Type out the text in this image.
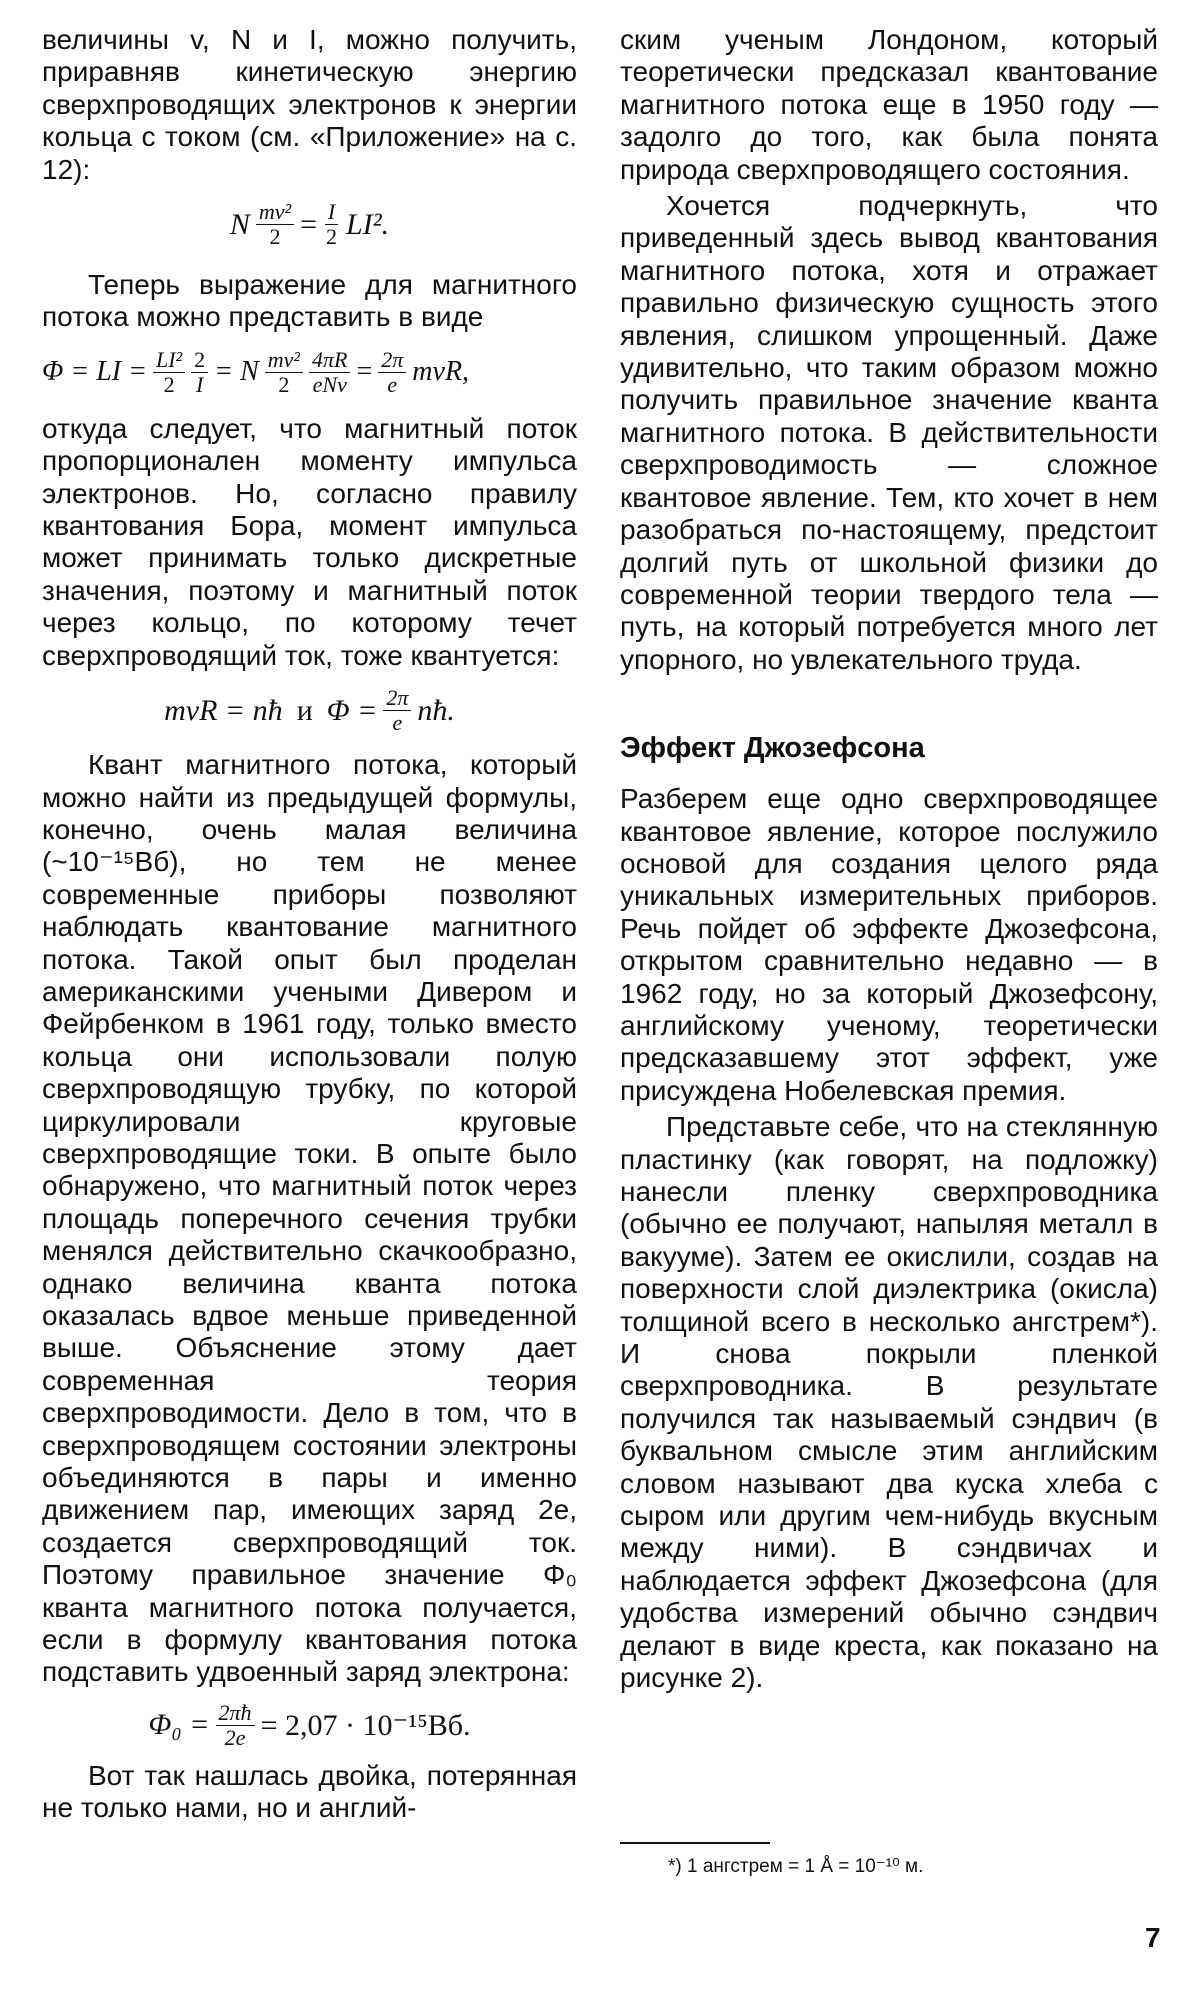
величины v, N и I, можно получить, приравняв кинетическую энергию сверхпроводящих электронов к энергии кольца с током (см. «Приложение» на с. 12):

N $\frac{\text{mv²}}{2} = \frac{I}{2} LI^2$.

Теперь выражение для магнитного потока можно представить в виде

Φ = LI = $\frac{\text{LI²}}{2} \frac{2}{I} = N \frac{\text{mv²}}{2} \frac{4\pi R}{\text{eNv}} = \frac{2\pi}{e}$ mvR,

откуда следует, что магнитный поток пропорционален моменту импульса электронов. Но, согласно правилу квантования Бора, момент импульса может принимать только дискретные значения, поэтому и магнитный поток через кольцо, по которому течет сверхпроводящий ток, тоже квантуется:

mvR = nħ и $\Phi = \frac{2\pi}{e}$ nħ.

Квант магнитного потока, который можно найти из предыдущей формулы, конечно, очень малая величина (~10⁻¹⁵Вб), но тем не менее современные приборы позволяют наблюдать квантование магнитного потока. Такой опыт был проделан американскими учеными Дивером и Фейрбенком в 1961 году, только вместо кольца они использовали полую сверхпроводящую трубку, по которой циркулировали круговые сверхпроводящие токи. В опыте было обнаружено, что магнитный поток через площадь поперечного сечения трубки менялся действительно скачкообразно, однако величина кванта потока оказалась вдвое меньше приведенной выше. Объяснение этому дает современная теория сверхпроводимости. Дело в том, что в сверхпроводящем состоянии электроны объединяются в пары и именно движением пар, имеющих заряд 2e, создается сверхпроводящий ток. Поэтому правильное значение Φ₀ кванта магнитного потока получается, если в формулу квантования потока подставить удвоенный заряд электрона:

$\Phi_0 = \frac{2\pi ħ}{2e} = 2,07 \cdot 10^{-15}Вб$.

Вот так нашлась двойка, потерянная не только нами, но и англий-

ским ученым Лондоном, который теоретически предсказал квантование магнитного потока еще в 1950 году — задолго до того, как была понята природа сверхпроводящего состояния.

Хочется подчеркнуть, что приведенный здесь вывод квантования магнитного потока, хотя и отражает правильно физическую сущность этого явления, слишком упрощенный. Даже удивительно, что таким образом можно получить правильное значение кванта магнитного потока. В действительности сверхпроводимость — сложное квантовое явление. Тем, кто хочет в нем разобраться по-настоящему, предстоит долгий путь от школьной физики до современной теории твердого тела — путь, на который потребуется много лет упорного, но увлекательного труда.

Эффект Джозефсона

Разберем еще одно сверхпроводящее квантовое явление, которое послужило основой для создания целого ряда уникальных измерительных приборов. Речь пойдет об эффекте Джозефсона, открытом сравнительно недавно — в 1962 году, но за который Джозефсону, английскому ученому, теоретически предсказавшему этот эффект, уже присуждена Нобелевская премия.

Представьте себе, что на стеклянную пластинку (как говорят, на подложку) нанесли пленку сверхпроводника (обычно ее получают, напыляя металл в вакууме). Затем ее окислили, создав на поверхности слой диэлектрика (окисла) толщиной всего в несколько ангстрем*). И снова покрыли пленкой сверхпроводника. В результате получился так называемый сэндвич (в буквальном смысле этим английским словом называют два куска хлеба с сыром или другим чем-нибудь вкусным между ними). В сэндвичах и наблюдается эффект Джозефсона (для удобства измерений обычно сэндвич делают в виде креста, как показано на рисунке 2).

*) 1 ангстрем = 1 Å = 10⁻¹⁰ м.
7
